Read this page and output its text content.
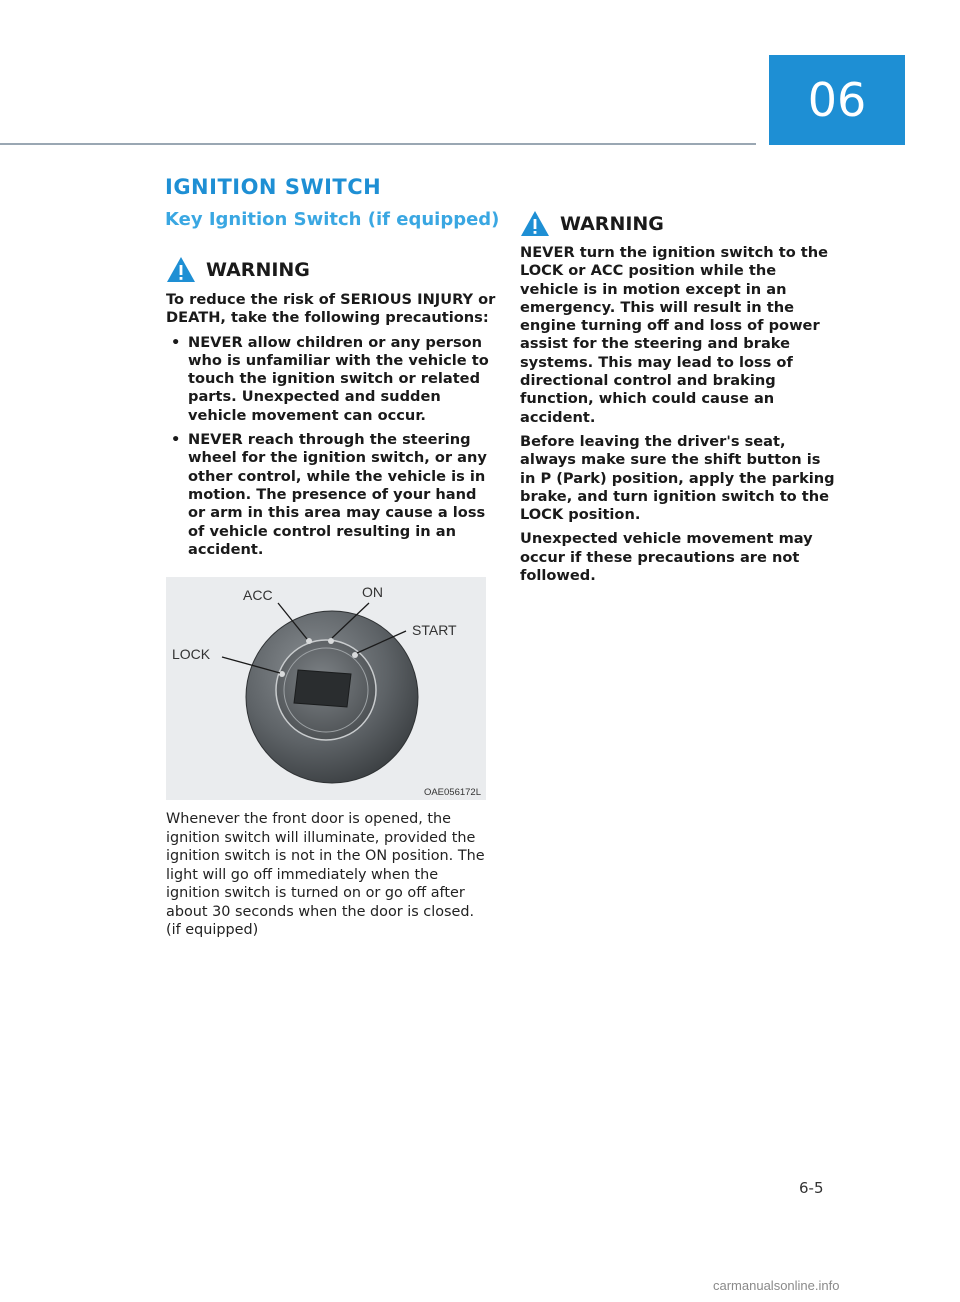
06
IGNITION SWITCH
Key Ignition Switch (if equipped)
WARNING

To reduce the risk of SERIOUS INJURY or DEATH, take the following precautions:

• NEVER allow children or any person who is unfamiliar with the vehicle to touch the ignition switch or related parts. Unexpected and sudden vehicle movement can occur.
• NEVER reach through the steering wheel for the ignition switch, or any other control, while the vehicle is in motion. The presence of your hand or arm in this area may cause a loss of vehicle control resulting in an accident.
LOCK
ACC	ON
START
OAE056172L

Whenever the front door is opened, the ignition switch will illuminate, provided the ignition switch is not in the ON position. The light will go off immediately when the ignition switch is turned on or go off after about 30 seconds when the door is closed. (if equipped)

WARNING

NEVER turn the ignition switch to the LOCK or ACC position while the vehicle is in motion except in an emergency. This will result in the engine turning off and loss of power assist for the steering and brake systems. This may lead to loss of directional control and braking function, which could cause an accident.

Before leaving the driver's seat, always make sure the shift button is in P (Park) position, apply the parking brake, and turn ignition switch to the LOCK position.

Unexpected vehicle movement may occur if these precautions are not followed.

6-5
carmanualsonline.info
